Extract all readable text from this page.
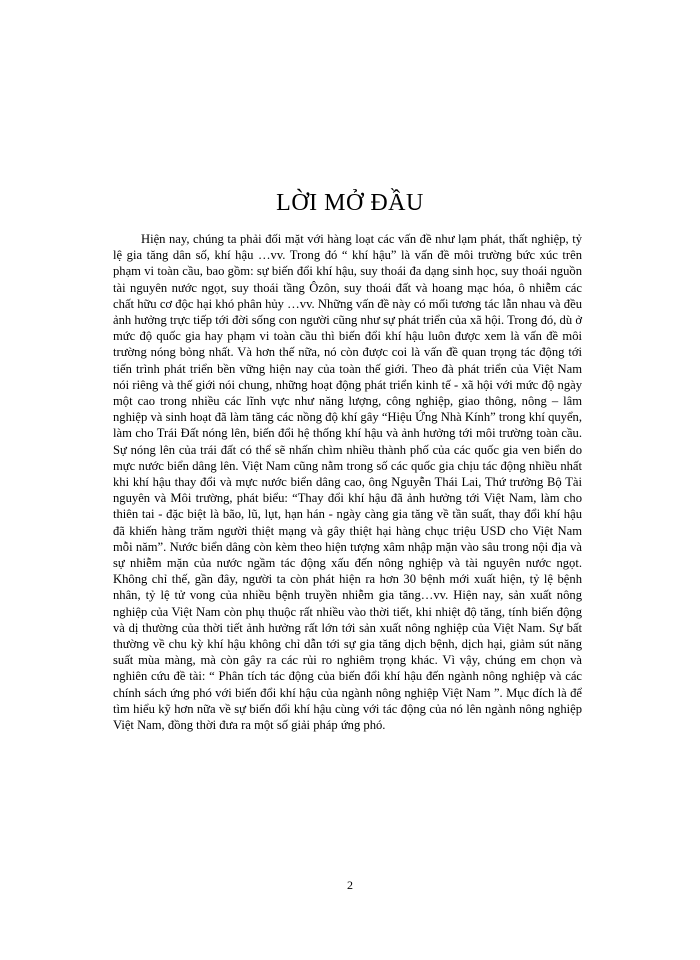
LỜI MỞ ĐẦU

Hiện nay, chúng ta phải đối mặt với hàng loạt các vấn đề như lạm phát, thất nghiệp, tỷ lệ gia tăng dân số, khí hậu …vv. Trong đó “ khí hậu” là vấn đề môi trường bức xúc trên phạm vi toàn cầu, bao gồm: sự biến đổi khí hậu, suy thoái đa dạng sinh học, suy thoái nguồn tài nguyên nước ngọt, suy thoái tầng Ôzôn, suy thoái đất và hoang mạc hóa, ô nhiễm các chất hữu cơ độc hại khó phân hủy …vv. Những vấn đề này có mối tương tác lẫn nhau và đều ảnh hưởng trực tiếp tới đời sống con người cũng như sự phát triển của xã hội. Trong đó, dù ở mức độ quốc gia hay phạm vi toàn cầu thì biến đổi khí hậu luôn được xem là vấn đề môi trường nóng bỏng nhất. Và hơn thế nữa, nó còn được coi là vấn đề quan trọng tác động tới tiến trình phát triển bền vững hiện nay của toàn thế giới. Theo đà phát triển của Việt Nam nói riêng và thế giới nói chung, những hoạt động phát triển kinh tế - xã hội với mức độ ngày một cao trong nhiều các lĩnh vực như năng lượng, công nghiệp, giao thông, nông – lâm nghiệp và sinh hoạt đã làm tăng các nồng độ khí gây “Hiệu Ứng Nhà Kính” trong khí quyển, làm cho Trái Đất nóng lên, biến đổi hệ thống khí hậu và ảnh hưởng tới môi trường toàn cầu. Sự nóng lên của trái đất có thể sẽ nhấn chìm nhiều thành phố của các quốc gia ven biển do mực nước biển dâng lên. Việt Nam cũng nằm trong số các quốc gia chịu tác động nhiều nhất khi khí hậu thay đổi và mực nước biển dâng cao, ông Nguyễn Thái Lai, Thứ trưởng Bộ Tài nguyên và Môi trường, phát biểu: “Thay đổi khí hậu đã ảnh hưởng tới Việt Nam, làm cho thiên tai - đặc biệt là bão, lũ, lụt, hạn hán - ngày càng gia tăng về tần suất, thay đổi khí hậu đã khiến hàng trăm người thiệt mạng và gây thiệt hại hàng chục triệu USD cho Việt Nam mỗi năm”. Nước biển dâng còn kèm theo hiện tượng xâm nhập mặn vào sâu trong nội địa và sự nhiễm mặn của nước ngầm tác động xấu đến nông nghiệp và tài nguyên nước ngọt. Không chỉ thế, gần đây, người ta còn phát hiện ra hơn 30 bệnh mới xuất hiện, tỷ lệ bệnh nhân, tỷ lệ tử vong của nhiều bệnh truyền nhiễm gia tăng…vv. Hiện nay, sản xuất nông nghiệp của Việt Nam còn phụ thuộc rất nhiều vào thời tiết, khi nhiệt độ tăng, tính biến động và dị thường của thời tiết ảnh hưởng rất lớn tới sản xuất nông nghiệp của Việt Nam. Sự bất thường về chu kỳ khí hậu không chỉ dẫn tới sự gia tăng dịch bệnh, dịch hại, giảm sút năng suất mùa màng, mà còn gây ra các rủi ro nghiêm trọng khác. Vì vậy, chúng em chọn và nghiên cứu đề tài: “ Phân tích tác động của biến đổi khí hậu đến ngành nông nghiệp và các chính sách ứng phó với biến đổi khí hậu của ngành nông nghiệp Việt Nam ”. Mục đích là để tìm hiểu kỹ hơn nữa về sự biến đổi khí hậu cùng với tác động của nó lên ngành nông nghiệp Việt Nam, đồng thời đưa ra một số giải pháp ứng phó.

2
